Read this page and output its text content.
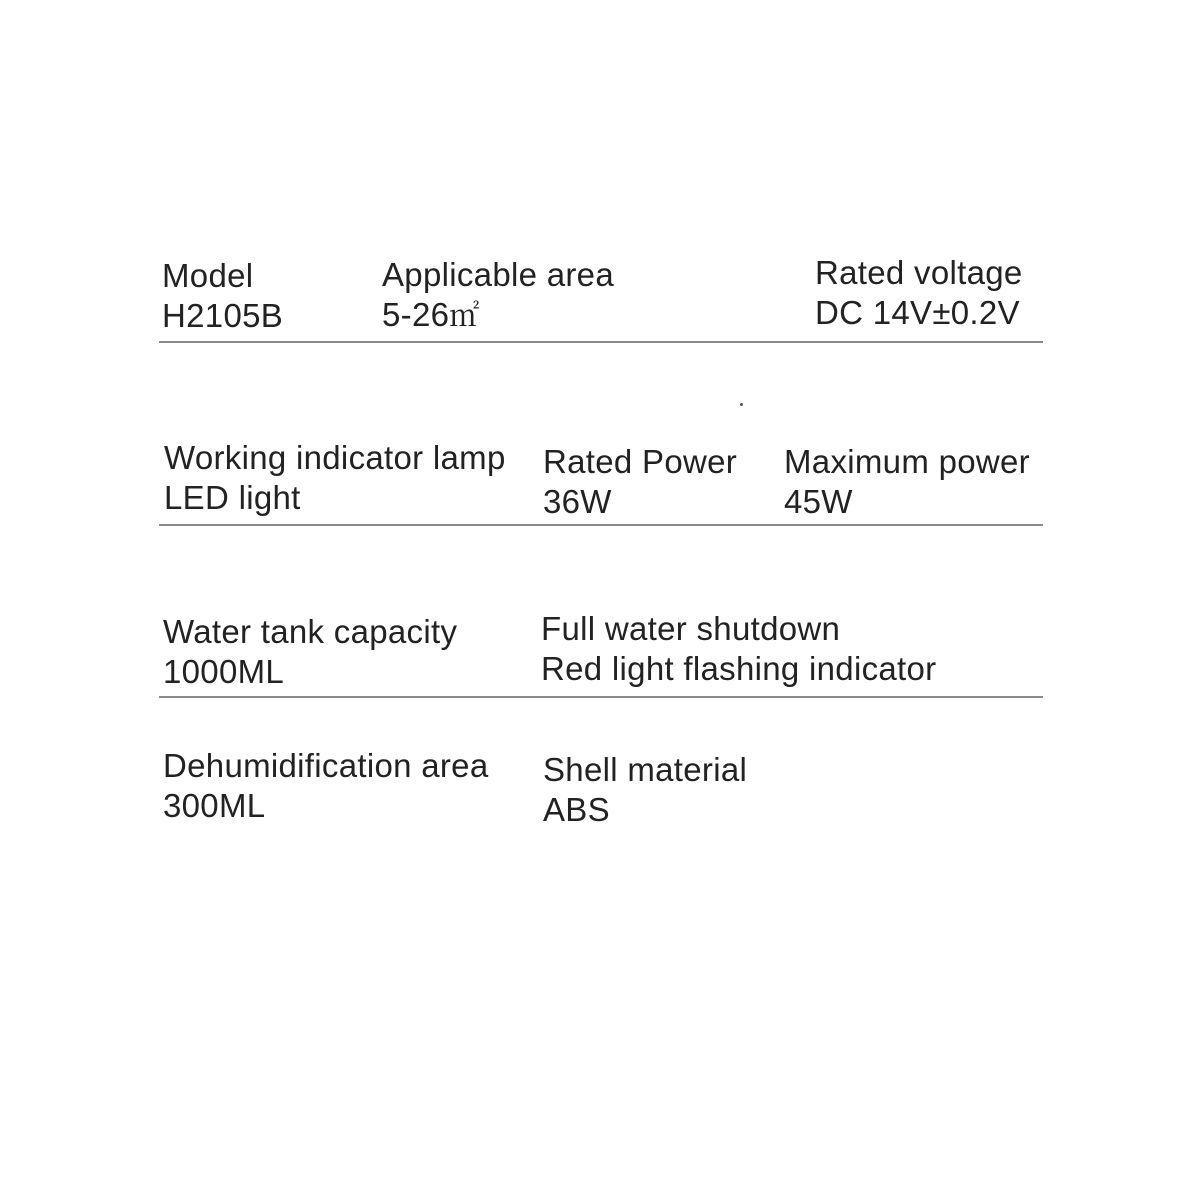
Model
H2105B
Applicable area
5-26㎡
Rated voltage
DC 14V±0.2V
Working indicator lamp
LED light
Rated Power
36W
Maximum power
45W
Water tank capacity
1000ML
Full water shutdown
Red light flashing indicator
Dehumidification area
300ML
Shell material
ABS
